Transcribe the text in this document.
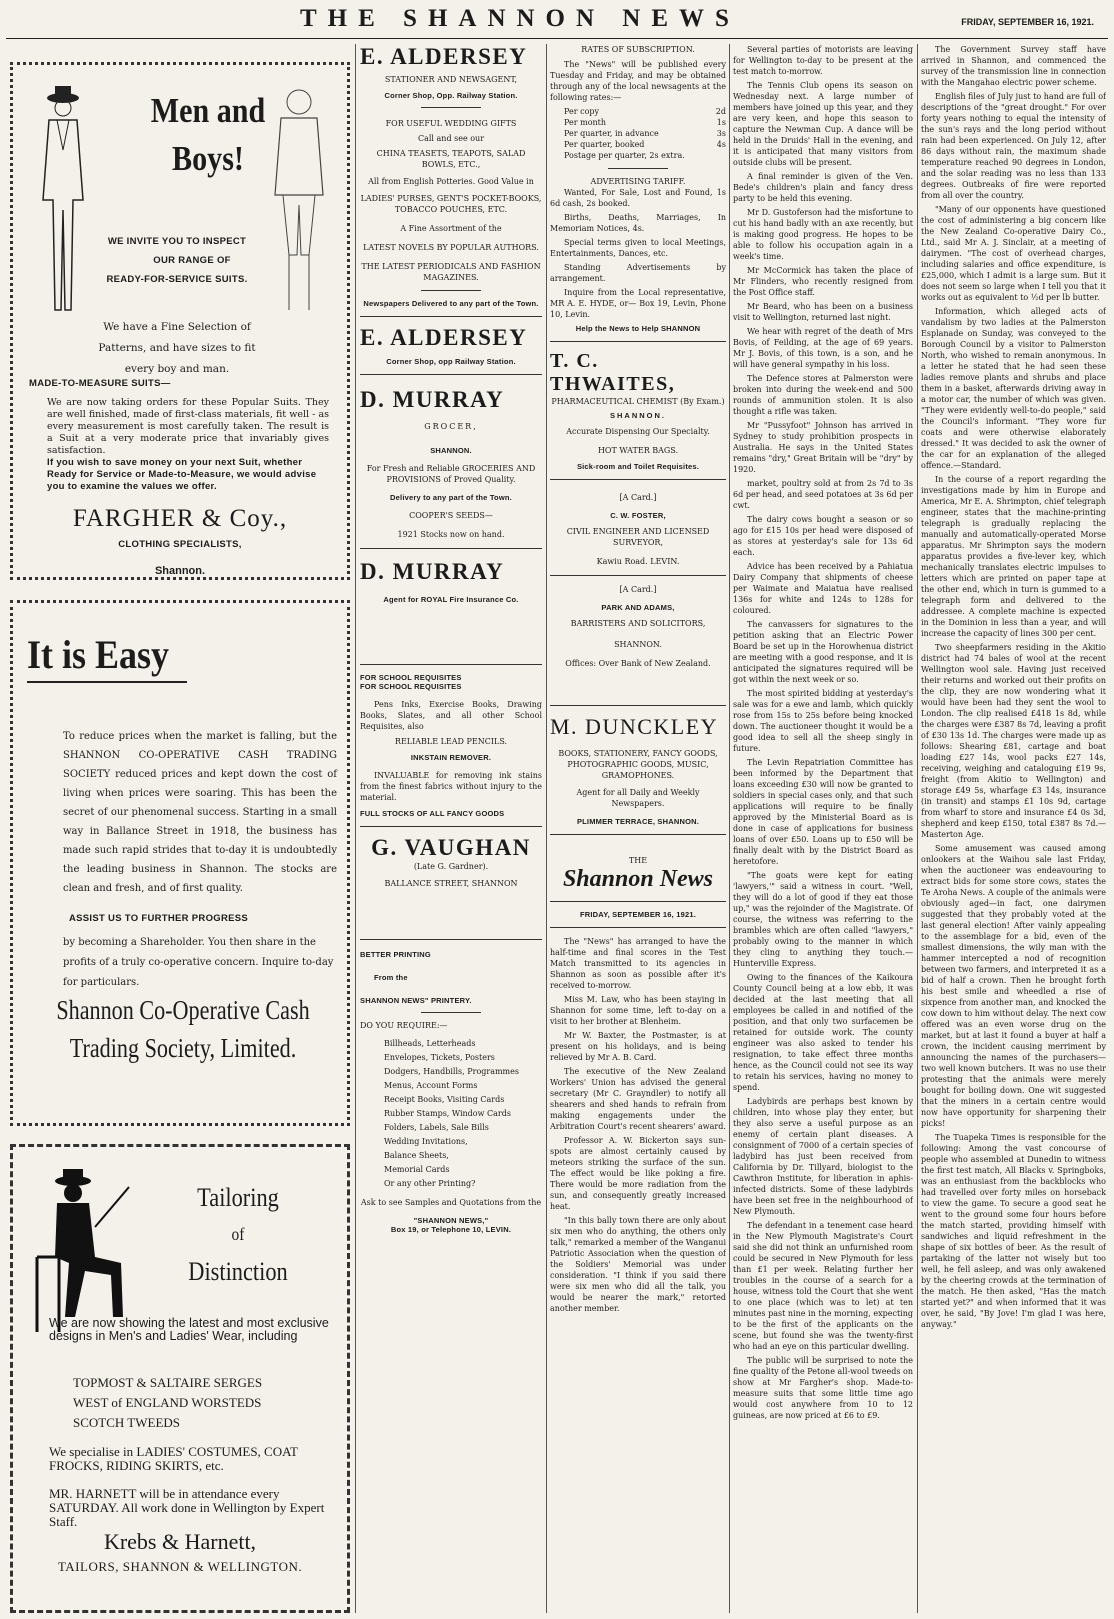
THE SHANNON NEWS	FRIDAY, SEPTEMBER 16, 1921.
Men and
Boys!
WE INVITE YOU TO INSPECT
OUR RANGE OF
READY-FOR-SERVICE SUITS.
We have a Fine Selection of
Patterns, and have sizes to fit
every boy and man.
MADE-TO-MEASURE SUITS—
We are now taking orders for these Popular Suits. They are well finished, made of first-class materials, fit well - as every measurement is most carefully taken. The result is a Suit at a very moderate price that invariably gives satisfaction.
If you wish to save money on your next Suit, whether Ready for Service or Made-to-Measure, we would advise you to examine the values we offer.
FARGHER & Coy.,
CLOTHING SPECIALISTS,
Shannon.
It is Easy
To reduce prices when the market is falling, but the SHANNON CO-OPERATIVE CASH TRADING SOCIETY reduced prices and kept down the cost of living when prices were soaring. This has been the secret of our phenomenal success. Starting in a small way in Ballance Street in 1918, the business has made such rapid strides that to-day it is undoubtedly the leading business in Shannon. The stocks are clean and fresh, and of first quality.
ASSIST US TO FURTHER PROGRESS
by becoming a Shareholder. You then share in the profits of a truly co-operative concern. Inquire to-day for particulars.
Shannon Co-Operative Cash
Trading Society, Limited.
Tailoring
of
Distinction
We are now showing the latest and most exclusive designs in Men's and Ladies' Wear, including
TOPMOST & SALTAIRE SERGES
WEST of ENGLAND WORSTEDS
SCOTCH TWEEDS
We specialise in LADIES' COSTUMES, COAT FROCKS, RIDING SKIRTS, etc.
MR. HARNETT will be in attendance every SATURDAY. All work done in Wellington by Expert Staff.
Krebs & Harnett,
TAILORS, SHANNON & WELLINGTON.
E. ALDERSEY
STATIONER AND NEWSAGENT,
Corner Shop, Opp. Railway Station.
FOR USEFUL WEDDING GIFTS
Call and see our
CHINA TEASETS, TEAPOTS, SALAD BOWLS, ETC.,
All from English Potteries. Good Value in
LADIES' PURSES, GENT'S POCKET-BOOKS, TOBACCO POUCHES, ETC.
A Fine Assortment of the
LATEST NOVELS BY POPULAR AUTHORS.
THE LATEST PERIODICALS AND FASHION MAGAZINES.
Newspapers Delivered to any part of the Town.
E. ALDERSEY
Corner Shop, opp Railway Station.
D. MURRAY
GROCER,
SHANNON.
For Fresh and Reliable GROCERIES AND PROVISIONS of Proved Quality.
Delivery to any part of the Town.
COOPER'S SEEDS—
1921 Stocks now on hand.
D. MURRAY
Agent for ROYAL Fire Insurance Co.
FOR SCHOOL REQUISITES
FOR SCHOOL REQUISITES
Pens Inks, Exercise Books, Drawing Books, Slates, and all other School Requisites, also
RELIABLE LEAD PENCILS.
INKSTAIN REMOVER.
INVALUABLE for removing ink stains from the finest fabrics without injury to the material.
FULL STOCKS OF ALL FANCY GOODS
G. VAUGHAN
(Late G. Gardner).
BALLANCE STREET, SHANNON
BETTER PRINTING
From the
SHANNON NEWS" PRINTERY.
DO YOU REQUIRE:—
Billheads, Letterheads
Envelopes, Tickets, Posters
Dodgers, Handbills, Programmes
Menus, Account Forms
Receipt Books, Visiting Cards
Rubber Stamps, Window Cards
Folders, Labels, Sale Bills
Wedding Invitations,
Balance Sheets,
Memorial Cards
Or any other Printing?
Ask to see Samples and Quotations from the
"SHANNON NEWS,"
Box 19, or Telephone 10, LEVIN.
RATES OF SUBSCRIPTION.
The "News" will be published every Tuesday and Friday, and may be obtained through any of the local newsagents at the following rates:—
Per copy	2d
Per month	1s
Per quarter, in advance	3s
Per quarter, booked	4s
Postage per quarter, 2s extra.
ADVERTISING TARIFF.
Wanted, For Sale, Lost and Found, 1s 6d cash, 2s booked.
Births, Deaths, Marriages, In Memoriam Notices, 4s.
Special terms given to local Meetings, Entertainments, Dances, etc.
Standing Advertisements by arrangement.
Inquire from the Local representative, MR A. E. HYDE, or— Box 19, Levin, Phone 10, Levin.
Help the News to Help SHANNON
T. C. THWAITES,
PHARMACEUTICAL CHEMIST (By Exam.)
SHANNON.
Accurate Dispensing Our Specialty.
HOT WATER BAGS.
Sick-room and Toilet Requisites.
[A Card.]
C. W. FOSTER,
CIVIL ENGINEER AND LICENSED SURVEYOR,
Kawiu Road. LEVIN.
[A Card.]
PARK AND ADAMS,
BARRISTERS AND SOLICITORS,
SHANNON.
Offices: Over Bank of New Zealand.
M. DUNCKLEY
BOOKS, STATIONERY, FANCY GOODS, PHOTOGRAPHIC GOODS, MUSIC, GRAMOPHONES.
Agent for all Daily and Weekly Newspapers.
PLIMMER TERRACE, SHANNON.
THE
Shannon News
FRIDAY, SEPTEMBER 16, 1921.
The "News" has arranged to have the half-time and final scores in the Test Match transmitted to its agencies in Shannon as soon as possible after it's received to-morrow.
Miss M. Law, who has been staying in Shannon for some time, left to-day on a visit to her brother at Blenheim.
Mr W. Baxter, the Postmaster, is at present on his holidays, and is being relieved by Mr A. B. Card.
The executive of the New Zealand Workers' Union has advised the general secretary (Mr C. Grayndler) to notify all shearers and shed hands to refrain from making engagements under the Arbitration Court's recent shearers' award.
Professor A. W. Bickerton says sun-spots are almost certainly caused by meteors striking the surface of the sun. The effect would be like poking a fire. There would be more radiation from the sun, and consequently greatly increased heat.
"In this bally town there are only about six men who do anything, the others only talk," remarked a member of the Wanganui Patriotic Association when the question of the Soldiers' Memorial was under consideration. "I think if you said there were six men who did all the talk, you would be nearer the mark," retorted another member.
Several parties of motorists are leaving for Wellington to-day to be present at the test match to-morrow.
The Tennis Club opens its season on Wednesday next. A large number of members have joined up this year, and they are very keen, and hope this season to capture the Newman Cup. A dance will be held in the Druids' Hall in the evening, and it is anticipated that many visitors from outside clubs will be present.
A final reminder is given of the Ven. Bede's children's plain and fancy dress party to be held this evening.
Mr D. Gustoferson had the misfortune to cut his hand badly with an axe recently, but is making good progress. He hopes to be able to follow his occupation again in a week's time.
Mr McCormick has taken the place of Mr Flinders, who recently resigned from the Post Office staff.
Mr Beard, who has been on a business visit to Wellington, returned last night.
We hear with regret of the death of Mrs Bovis, of Feilding, at the age of 69 years. Mr J. Bovis, of this town, is a son, and he will have general sympathy in his loss.
The Defence stores at Palmerston were broken into during the week-end and 500 rounds of ammunition stolen. It is also thought a rifle was taken.
Mr "Pussyfoot" Johnson has arrived in Sydney to study prohibition prospects in Australia. He says in the United States remains "dry," Great Britain will be "dry" by 1920.
market, poultry sold at from 2s 7d to 3s 6d per head, and seed potatoes at 3s 6d per cwt.
The dairy cows bought a season or so ago for £15 10s per head were disposed of as stores at yesterday's sale for 13s 6d each.
Advice has been received by a Pahiatua Dairy Company that shipments of cheese per Waimate and Maiatua have realised 136s for white and 124s to 128s for coloured.
The canvassers for signatures to the petition asking that an Electric Power Board be set up in the Horowhenua district are meeting with a good response, and it is anticipated the signatures required will be got within the next week or so.
The most spirited bidding at yesterday's sale was for a ewe and lamb, which quickly rose from 15s to 25s before being knocked down. The auctioneer thought it would be a good idea to sell all the sheep singly in future.
The Levin Repatriation Committee has been informed by the Department that loans exceeding £30 will now be granted to soldiers in special cases only, and that such applications will require to be finally approved by the Ministerial Board as is done in case of applications for business loans of over £50. Loans up to £50 will be finally dealt with by the District Board as heretofore.
"The goats were kept for eating 'lawyers,'" said a witness in court. "Well, they will do a lot of good if they eat those up," was the rejoinder of the Magistrate. Of course, the witness was referring to the brambles which are often called "lawyers," probably owing to the manner in which they cling to anything they touch.— Hunterville Express.
Owing to the finances of the Kaikoura County Council being at a low ebb, it was decided at the last meeting that all employees be called in and notified of the position, and that only two surfacemen be retained for outside work. The county engineer was also asked to tender his resignation, to take effect three months hence, as the Council could not see its way to retain his services, having no money to spend.
Ladybirds are perhaps best known by children, into whose play they enter, but they also serve a useful purpose as an enemy of certain plant diseases. A consignment of 7000 of a certain species of ladybird has just been received from California by Dr. Tillyard, biologist to the Cawthron Institute, for liberation in aphis-infected districts. Some of these ladybirds have been set free in the neighbourhood of New Plymouth.
The defendant in a tenement case heard in the New Plymouth Magistrate's Court said she did not think an unfurnished room could be secured in New Plymouth for less than £1 per week. Relating further her troubles in the course of a search for a house, witness told the Court that she went to one place (which was to let) at ten minutes past nine in the morning, expecting to be the first of the applicants on the scene, but found she was the twenty-first who had an eye on this particular dwelling.
The public will be surprised to note the fine quality of the Petone all-wool tweeds on show at Mr Fargher's shop. Made-to-measure suits that some little time ago would cost anywhere from 10 to 12 guineas, are now priced at £6 to £9.
The Government Survey staff have arrived in Shannon, and commenced the survey of the transmission line in connection with the Mangahao electric power scheme.
English files of July just to hand are full of descriptions of the "great drought." For over forty years nothing to equal the intensity of the sun's rays and the long period without rain had been experienced. On July 12, after 86 days without rain, the maximum shade temperature reached 90 degrees in London, and the solar reading was no less than 133 degrees. Outbreaks of fire were reported from all over the country.
"Many of our opponents have questioned the cost of administering a big concern like the New Zealand Co-operative Dairy Co., Ltd., said Mr A. J. Sinclair, at a meeting of dairymen. "The cost of overhead charges, including salaries and office expenditure, is £25,000, which I admit is a large sum. But it does not seem so large when I tell you that it works out as equivalent to ½d per lb butter.
Information, which alleged acts of vandalism by two ladies at the Palmerston Esplanade on Sunday, was conveyed to the Borough Council by a visitor to Palmerston North, who wished to remain anonymous. In a letter he stated that he had seen these ladies remove plants and shrubs and place them in a basket, afterwards driving away in a motor car, the number of which was given. "They were evidently well-to-do people," said the Council's informant. "They wore fur coats and were otherwise elaborately dressed." It was decided to ask the owner of the car for an explanation of the alleged offence.—Standard.
In the course of a report regarding the investigations made by him in Europe and America, Mr E. A. Shrimpton, chief telegraph engineer, states that the machine-printing telegraph is gradually replacing the manually and automatically-operated Morse apparatus. Mr Shrimpton says the modern apparatus provides a five-lever key, which mechanically translates electric impulses to letters which are printed on paper tape at the other end, which in turn is gummed to a telegraph form and delivered to the addressee. A complete machine is expected in the Dominion in less than a year, and will increase the capacity of lines 300 per cent.
Two sheepfarmers residing in the Akitio district had 74 bales of wool at the recent Wellington wool sale. Having just received their returns and worked out their profits on the clip, they are now wondering what it would have been had they sent the wool to London. The clip realised £418 1s 8d, while the charges were £387 8s 7d, leaving a profit of £30 13s 1d. The charges were made up as follows: Shearing £81, cartage and boat loading £27 14s, wool packs £27 14s, receiving, weighing and cataloguing £19 9s, freight (from Akitio to Wellington) and storage £49 5s, wharfage £3 14s, insurance (in transit) and stamps £1 10s 9d, cartage from wharf to store and insurance £4 0s 3d, shepherd and keep £150, total £387 8s 7d.— Masterton Age.
Some amusement was caused among onlookers at the Waihou sale last Friday, when the auctioneer was endeavouring to extract bids for some store cows, states the Te Aroha News. A couple of the animals were obviously aged—in fact, one dairymen suggested that they probably voted at the last general election! After vainly appealing to the assemblage for a bid, even of the smallest dimensions, the wily man with the hammer intercepted a nod of recognition between two farmers, and interpreted it as a bid of half a crown. Then he brought forth his best smile and wheedled a rise of sixpence from another man, and knocked the cow down to him without delay. The next cow offered was an even worse drug on the market, but at last it found a buyer at half a crown, the incident causing merriment by announcing the names of the purchasers—two well known butchers. It was no use their protesting that the animals were merely bought for boiling down. One wit suggested that the miners in a certain centre would now have opportunity for sharpening their picks!
The Tuapeka Times is responsible for the following: Among the vast concourse of people who assembled at Dunedin to witness the first test match, All Blacks v. Springboks, was an enthusiast from the backblocks who had travelled over forty miles on horseback to view the game. To secure a good seat he went to the ground some four hours before the match started, providing himself with sandwiches and liquid refreshment in the shape of six bottles of beer. As the result of partaking of the latter not wisely but too well, he fell asleep, and was only awakened by the cheering crowds at the termination of the match. He then asked, "Has the match started yet?" and when informed that it was over, he said, "By Jove! I'm glad I was here, anyway."
